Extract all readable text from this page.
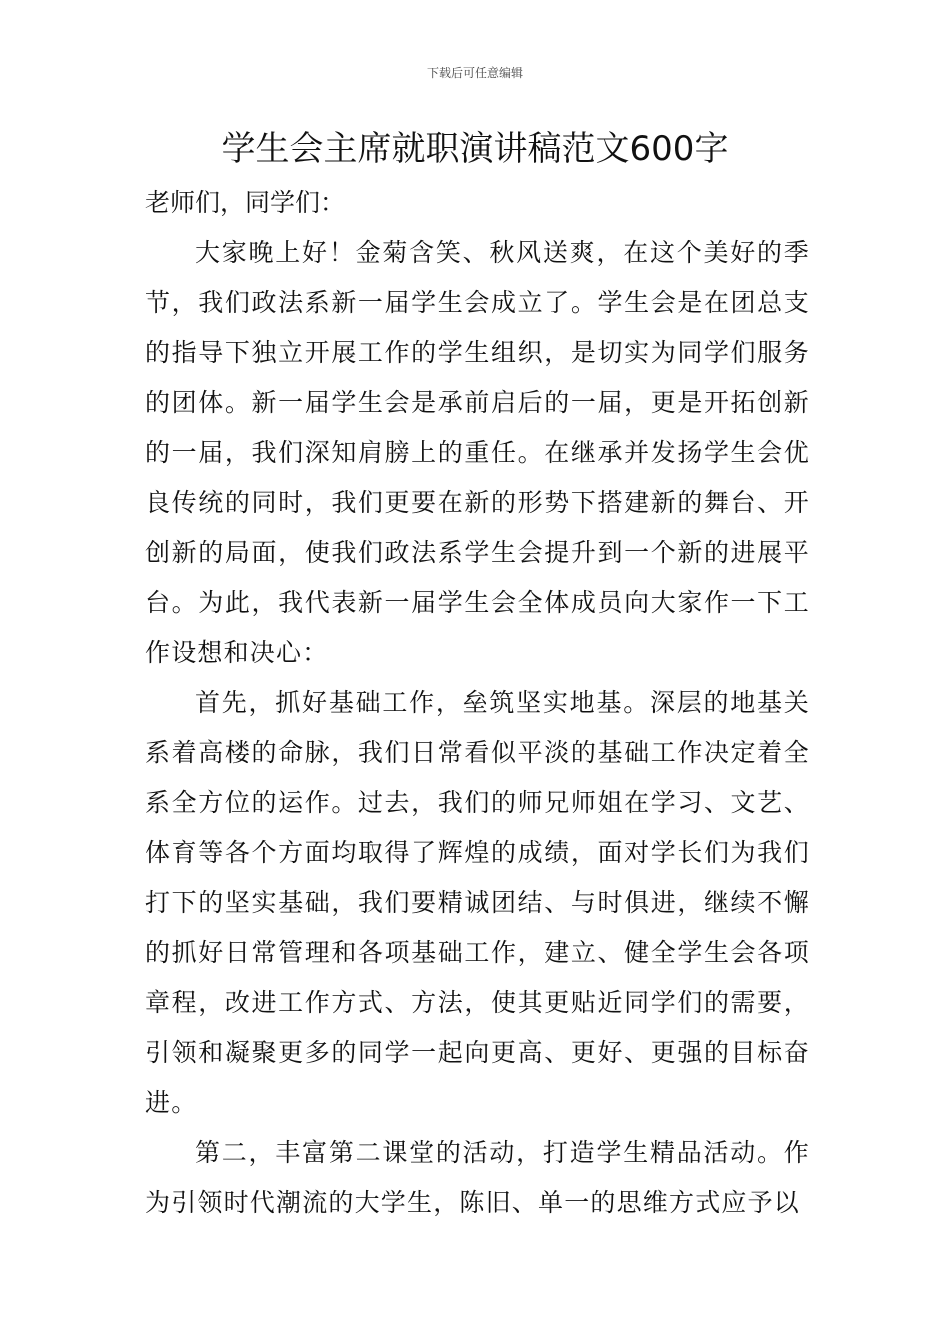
下载后可任意编辑
学生会主席就职演讲稿范文600字

老师们，同学们：

大家晚上好！金菊含笑、秋风送爽，在这个美好的季节，我们政法系新一届学生会成立了。学生会是在团总支的指导下独立开展工作的学生组织，是切实为同学们服务的团体。新一届学生会是承前启后的一届，更是开拓创新的一届，我们深知肩膀上的重任。在继承并发扬学生会优良传统的同时，我们更要在新的形势下搭建新的舞台、开创新的局面，使我们政法系学生会提升到一个新的进展平台。为此，我代表新一届学生会全体成员向大家作一下工作设想和决心：

首先，抓好基础工作，垒筑坚实地基。深层的地基关系着高楼的命脉，我们日常看似平淡的基础工作决定着全系全方位的运作。过去，我们的师兄师姐在学习、文艺、体育等各个方面均取得了辉煌的成绩，面对学长们为我们打下的坚实基础，我们要精诚团结、与时俱进，继续不懈的抓好日常管理和各项基础工作，建立、健全学生会各项章程，改进工作方式、方法，使其更贴近同学们的需要，引领和凝聚更多的同学一起向更高、更好、更强的目标奋进。

第二，丰富第二课堂的活动，打造学生精品活动。作为引领时代潮流的大学生，陈旧、单一的思维方式应予以
